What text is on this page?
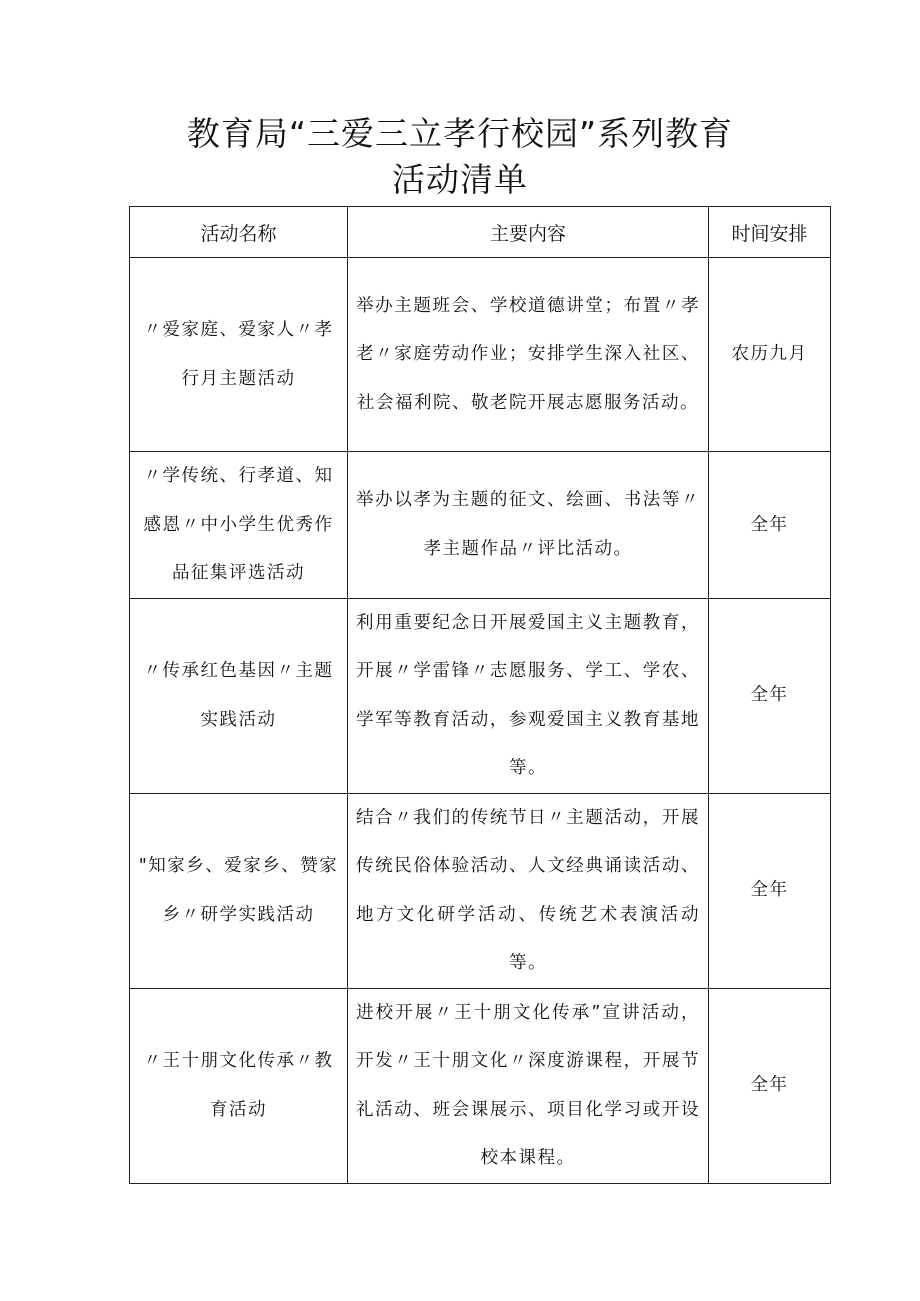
教育局“三爱三立孝行校园”系列教育
活动清单
活动名称	主要内容	时间安排
〃爱家庭、爱家人〃孝行月主题活动	举办主题班会、学校道德讲堂；布置〃孝老〃家庭劳动作业；安排学生深入社区、社会福利院、敬老院开展志愿服务活动。	农历九月
〃学传统、行孝道、知感恩〃中小学生优秀作品征集评选活动	举办以孝为主题的征文、绘画、书法等〃孝主题作品〃评比活动。	全年
〃传承红色基因〃主题实践活动	利用重要纪念日开展爱国主义主题教育，开展〃学雷锋〃志愿服务、学工、学农、学军等教育活动，参观爱国主义教育基地等。	全年
"知家乡、爱家乡、赞家乡〃研学实践活动	结合〃我们的传统节日〃主题活动，开展传统民俗体验活动、人文经典诵读活动、地方文化研学活动、传统艺术表演活动等。	全年
〃王十朋文化传承〃教育活动	进校开展〃王十朋文化传承”宣讲活动，开发〃王十朋文化〃深度游课程，开展节礼活动、班会课展示、项目化学习或开设校本课程。	全年
